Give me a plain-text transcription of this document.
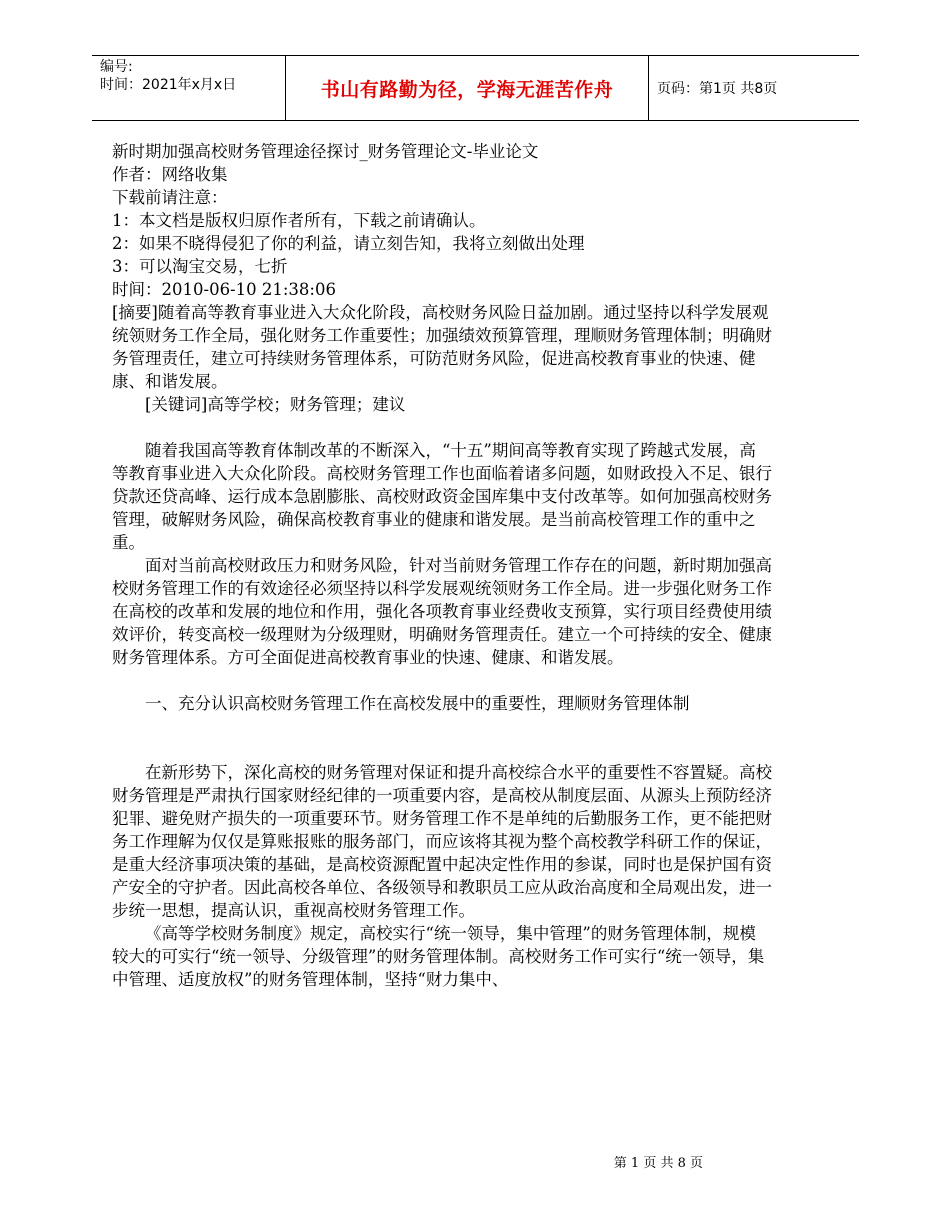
编号:
时间：2021年x月x日	书山有路勤为径，学海无涯苦作舟	页码：第1页 共8页

新时期加强高校财务管理途径探讨_财务管理论文-毕业论文

作者：网络收集

下载前请注意：

1：本文档是版权归原作者所有，下载之前请确认。

2：如果不晓得侵犯了你的利益，请立刻告知，我将立刻做出处理

3：可以淘宝交易，七折

时间：2010-06-10 21:38:06

[摘要]随着高等教育事业进入大众化阶段，高校财务风险日益加剧。通过坚持以科学发展观统领财务工作全局，强化财务工作重要性；加强绩效预算管理，理顺财务管理体制；明确财务管理责任，建立可持续财务管理体系，可防范财务风险，促进高校教育事业的快速、健康、和谐发展。

[关键词]高等学校；财务管理；建议

随着我国高等教育体制改革的不断深入，“十五”期间高等教育实现了跨越式发展，高等教育事业进入大众化阶段。高校财务管理工作也面临着诸多问题，如财政投入不足、银行贷款还贷高峰、运行成本急剧膨胀、高校财政资金国库集中支付改革等。如何加强高校财务管理，破解财务风险，确保高校教育事业的健康和谐发展。是当前高校管理工作的重中之重。

面对当前高校财政压力和财务风险，针对当前财务管理工作存在的问题，新时期加强高校财务管理工作的有效途径必须坚持以科学发展观统领财务工作全局。进一步强化财务工作在高校的改革和发展的地位和作用，强化各项教育事业经费收支预算，实行项目经费使用绩效评价，转变高校一级理财为分级理财，明确财务管理责任。建立一个可持续的安全、健康财务管理体系。方可全面促进高校教育事业的快速、健康、和谐发展。

一、充分认识高校财务管理工作在高校发展中的重要性，理顺财务管理体制

在新形势下，深化高校的财务管理对保证和提升高校综合水平的重要性不容置疑。高校财务管理是严肃执行国家财经纪律的一项重要内容，是高校从制度层面、从源头上预防经济犯罪、避免财产损失的一项重要环节。财务管理工作不是单纯的后勤服务工作，更不能把财务工作理解为仅仅是算账报账的服务部门，而应该将其视为整个高校教学科研工作的保证，是重大经济事项决策的基础，是高校资源配置中起决定性作用的参谋，同时也是保护国有资产安全的守护者。因此高校各单位、各级领导和教职员工应从政治高度和全局观出发，进一步统一思想，提高认识，重视高校财务管理工作。

《高等学校财务制度》规定，高校实行“统一领导，集中管理”的财务管理体制，规模较大的可实行“统一领导、分级管理”的财务管理体制。高校财务工作可实行“统一领导，集中管理、适度放权”的财务管理体制，坚持“财力集中、

第 1 页 共 8 页
